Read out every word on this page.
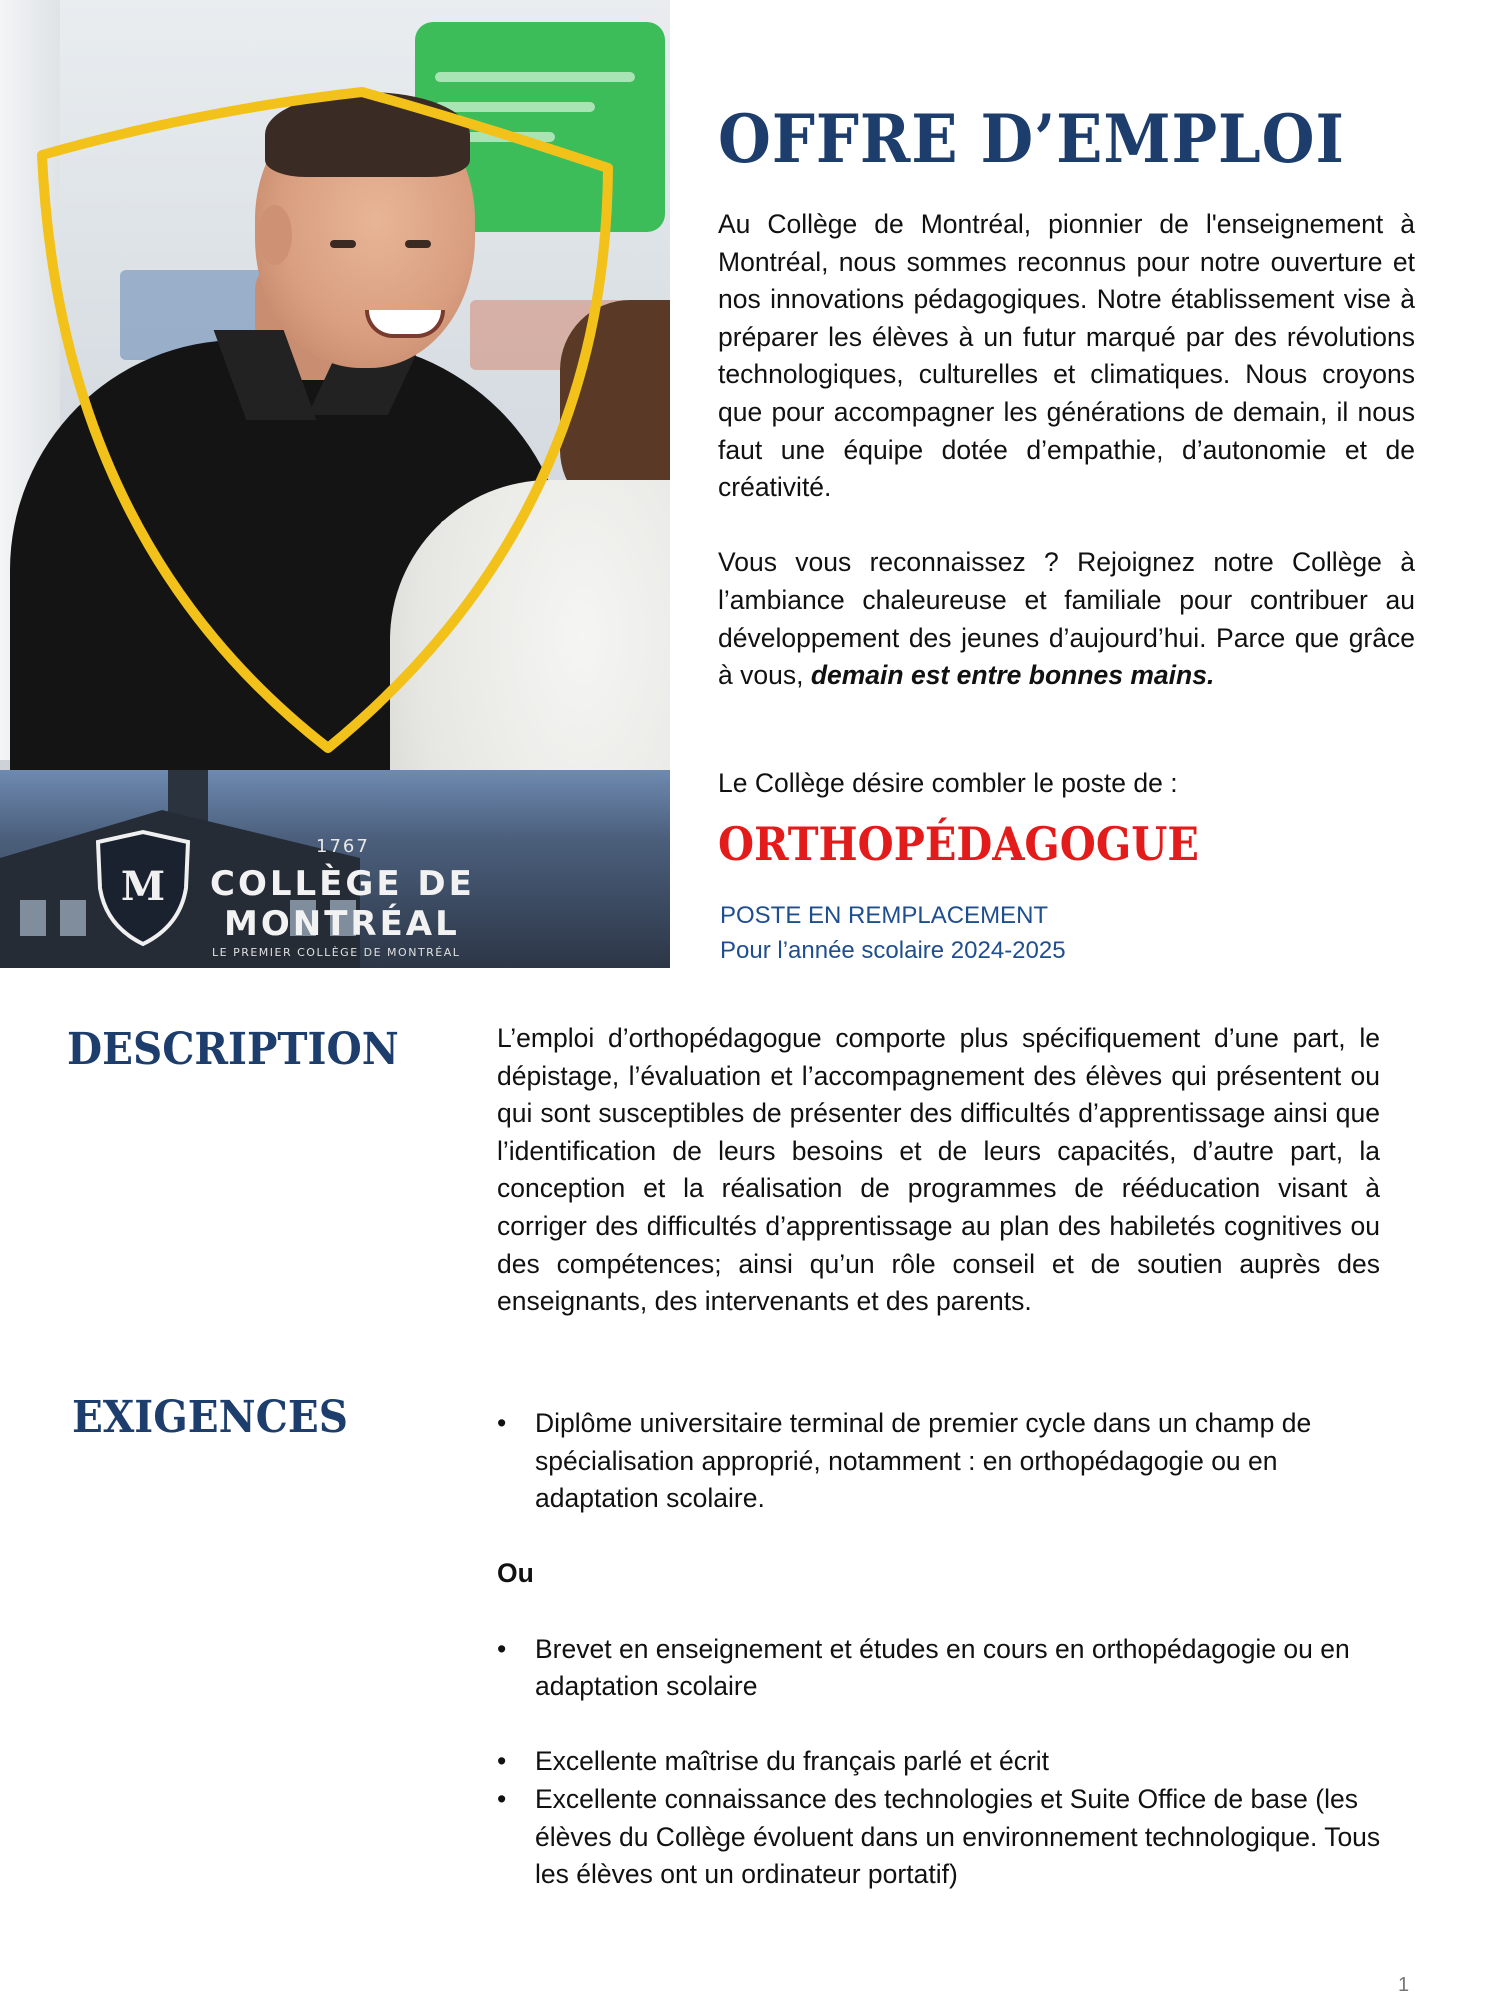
M
1767
COLLÈGE DE
MONTRÉAL
LE PREMIER COLLÈGE DE MONTRÉAL
OFFRE D’EMPLOI

Au Collège de Montréal, pionnier de l'enseignement à Montréal, nous sommes reconnus pour notre ouverture et nos innovations pédagogiques. Notre établissement vise à préparer les élèves à un futur marqué par des révolutions technologiques, culturelles et climatiques. Nous croyons que pour accompagner les générations de demain, il nous faut une équipe dotée d’empathie, d’autonomie et de créativité.

Vous vous reconnaissez ? Rejoignez notre Collège à l’ambiance chaleureuse et familiale pour contribuer au développement des jeunes d’aujourd’hui. Parce que grâce à vous, demain est entre bonnes mains.

Le Collège désire combler le poste de :
ORTHOPÉDAGOGUE
POSTE EN REMPLACEMENT
Pour l’année scolaire 2024-2025
DESCRIPTION	L’emploi d’orthopédagogue comporte plus spécifiquement d’une part, le dépistage, l’évaluation et l’accompagnement des élèves qui présentent ou qui sont susceptibles de présenter des difficultés d’apprentissage ainsi que l’identification de leurs besoins et de leurs capacités, d’autre part, la conception et la réalisation de programmes de rééducation visant à corriger des difficultés d’apprentissage au plan des habiletés cognitives ou des compétences; ainsi qu’un rôle conseil et de soutien auprès des enseignants, des intervenants et des parents.
EXIGENCES
•	Diplôme universitaire terminal de premier cycle dans un champ de spécialisation approprié, notamment : en orthopédagogie ou en adaptation scolaire.
Ou
• Brevet en enseignement et études en cours en orthopédagogie ou en adaptation scolaire
• Excellente maîtrise du français parlé et écrit
• Excellente connaissance des technologies et Suite Office de base (les élèves du Collège évoluent dans un environnement technologique. Tous les élèves ont un ordinateur portatif)
1
